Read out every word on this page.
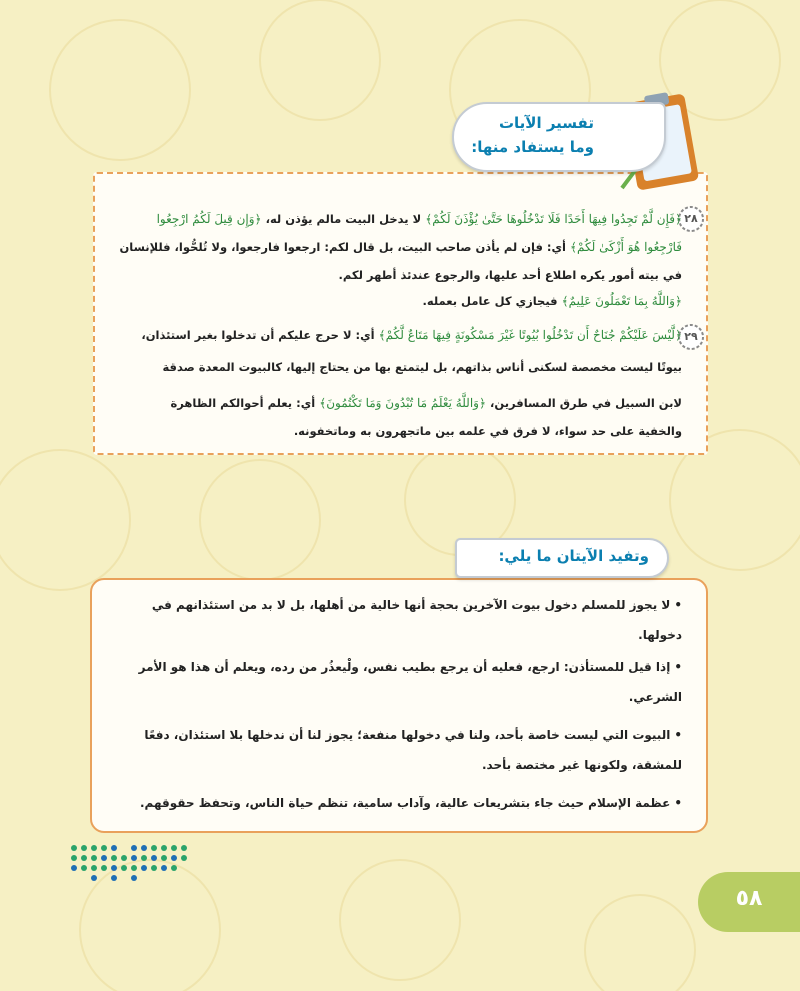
تفسير الآيات
وما يستفاد منها:
٢٨
﴿فَإِن لَّمْ تَجِدُوا فِيهَا أَحَدًا فَلَا تَدْخُلُوهَا حَتَّىٰ يُؤْذَنَ لَكُمْ﴾ لا يدخل البيت مالم يؤذن له، ﴿وَإِن قِيلَ لَكُمُ ارْجِعُوا
فَارْجِعُوا هُوَ أَزْكَىٰ لَكُمْ﴾ أي: فإن لم يأذن صاحب البيت، بل قال لكم: ارجعوا فارجعوا، ولا تُلحُّوا، فللإنسان
في بيته أمور يكره اطلاع أحد عليها، والرجوع عندئذ أطهر لكم.
﴿وَاللَّهُ بِمَا تَعْمَلُونَ عَلِيمٌ﴾ فيجازي كل عامل بعمله.
٢٩
﴿لَّيْسَ عَلَيْكُمْ جُنَاحٌ أَن تَدْخُلُوا بُيُوتًا غَيْرَ مَسْكُونَةٍ فِيهَا مَتَاعٌ لَّكُمْ﴾ أي: لا حرج عليكم أن تدخلوا بغير استئذان،
بيوتًا ليست مخصصة لسكنى أناس بذاتهم، بل ليتمتع بها من يحتاج إليها، كالبيوت المعدة صدقة
لابن السبيل في طرق المسافرين، ﴿وَاللَّهُ يَعْلَمُ مَا تُبْدُونَ وَمَا تَكْتُمُونَ﴾ أي: يعلم أحوالكم الظاهرة
والخفية على حد سواء، لا فرق في علمه بين ماتجهرون به وماتخفونه.
وتفيد الآيتان ما يلي:
•لا يجوز للمسلم دخول بيوت الآخرين بحجة أنها خالية من أهلها، بل لا بد من استئذانهم في دخولها.
•إذا قيل للمستأذن: ارجع، فعليه أن يرجع بطيب نفس، ولْيعذُر من رده، ويعلم أن هذا هو الأمر الشرعي.
•البيوت التي ليست خاصة بأحد، ولنا في دخولها منفعة؛ يجوز لنا أن ندخلها بلا استئذان، دفعًا للمشقة، ولكونها غير مختصة بأحد.
•عظمة الإسلام حيث جاء بتشريعات عالية، وآداب سامية، تنظم حياة الناس، وتحفظ حقوقهم.
٥٨
